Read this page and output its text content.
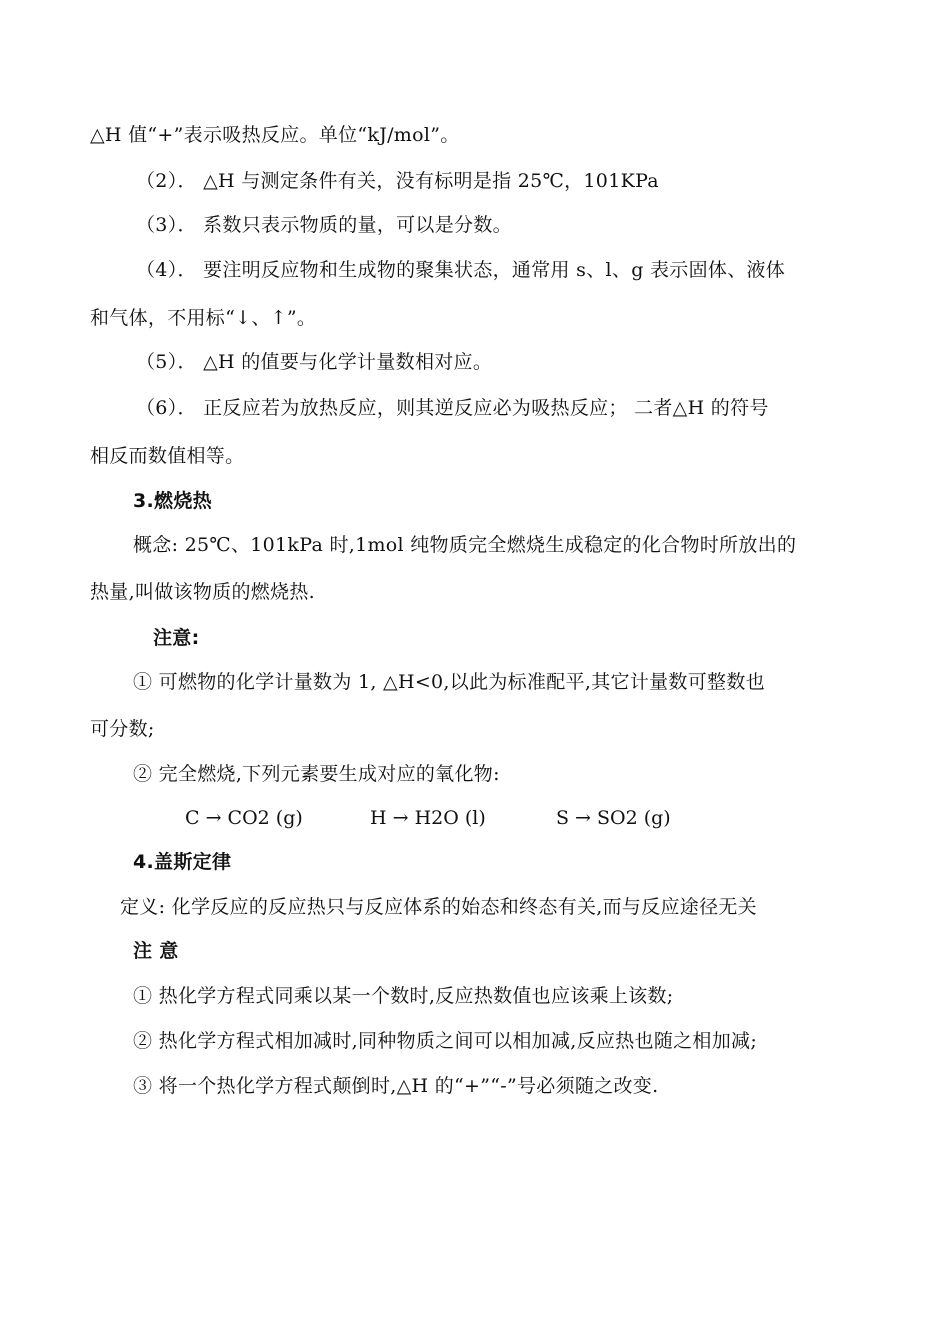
△H 值“+”表示吸热反应。单位“kJ/mol”。
（2）． △H 与测定条件有关，没有标明是指 25℃，101KPa
（3）． 系数只表示物质的量，可以是分数。
（4）． 要注明反应物和生成物的聚集状态，通常用 s、l、g 表示固体、液体
和气体，不用标“↓、↑”。
（5）． △H 的值要与化学计量数相对应。
（6）． 正反应若为放热反应，则其逆反应必为吸热反应； 二者△H 的符号
相反而数值相等。
3.燃烧热
概念: 25℃、101kPa 时,1mol 纯物质完全燃烧生成稳定的化合物时所放出的
热量,叫做该物质的燃烧热.
注意:
① 可燃物的化学计量数为 1, △H<0,以此为标准配平,其它计量数可整数也
可分数;
② 完全燃烧,下列元素要生成对应的氧化物:
C → CO2 (g)	H → H2O (l)	S → SO2 (g)
4.盖斯定律
定义: 化学反应的反应热只与反应体系的始态和终态有关,而与反应途径无关
注 意
① 热化学方程式同乘以某一个数时,反应热数值也应该乘上该数;
② 热化学方程式相加减时,同种物质之间可以相加减,反应热也随之相加减;
③ 将一个热化学方程式颠倒时,△H 的“+”“-”号必须随之改变.
